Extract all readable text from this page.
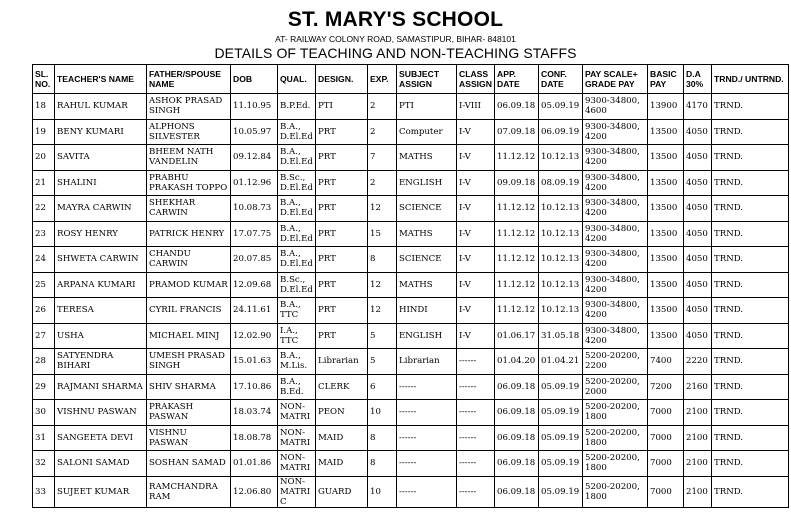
ST. MARY'S SCHOOL
AT- RAILWAY COLONY ROAD, SAMASTIPUR, BIHAR- 848101
DETAILS OF TEACHING AND NON-TEACHING STAFFS
SL. NO.	TEACHER'S NAME	FATHER/SPOUSE NAME	DOB	QUAL.	DESIGN.	EXP.	SUBJECT ASSIGN	CLASS ASSIGN	APP. DATE	CONF. DATE	PAY SCALE+ GRADE PAY	BASIC PAY	D.A 30%	TRND./ UNTRND.
18	RAHUL KUMAR	ASHOK PRASAD SINGH	11.10.95	B.P.Ed.	PTI	2	PTI	I-VIII	06.09.18	05.09.19	9300-34800, 4600	13900	4170	TRND.
19	BENY KUMARI	ALPHONS SILVESTER	10.05.97	B.A., D.El.Ed	PRT	2	Computer	I-V	07.09.18	06.09.19	9300-34800, 4200	13500	4050	TRND.
20	SAVITA	BHEEM NATH VANDELIN	09.12.84	B.A., D.El.Ed	PRT	7	MATHS	I-V	11.12.12	10.12.13	9300-34800, 4200	13500	4050	TRND.
21	SHALINI	PRABHU PRAKASH TOPPO	01.12.96	B.Sc., D.El.Ed	PRT	2	ENGLISH	I-V	09.09.18	08.09.19	9300-34800, 4200	13500	4050	TRND.
22	MAYRA CARWIN	SHEKHAR CARWIN	10.08.73	B.A., D.El.Ed	PRT	12	SCIENCE	I-V	11.12.12	10.12.13	9300-34800, 4200	13500	4050	TRND.
23	ROSY HENRY	PATRICK HENRY	17.07.75	B.A., D.El.Ed	PRT	15	MATHS	I-V	11.12.12	10.12.13	9300-34800, 4200	13500	4050	TRND.
24	SHWETA CARWIN	CHANDU CARWIN	20.07.85	B.A., D.El.Ed	PRT	8	SCIENCE	I-V	11.12.12	10.12.13	9300-34800, 4200	13500	4050	TRND.
25	ARPANA KUMARI	PRAMOD KUMAR	12.09.68	B.Sc., D.El.Ed	PRT	12	MATHS	I-V	11.12.12	10.12.13	9300-34800, 4200	13500	4050	TRND.
26	TERESA	CYRIL FRANCIS	24.11.61	B.A., TTC	PRT	12	HINDI	I-V	11.12.12	10.12.13	9300-34800, 4200	13500	4050	TRND.
27	USHA	MICHAEL MINJ	12.02.90	I.A., TTC	PRT	5	ENGLISH	I-V	01.06.17	31.05.18	9300-34800, 4200	13500	4050	TRND.
28	SATYENDRA BIHARI	UMESH PRASAD SINGH	15.01.63	B.A., M.Lis.	Librarian	5	Librarian	------	01.04.20	01.04.21	5200-20200, 2200	7400	2220	TRND.
29	RAJMANI SHARMA	SHIV SHARMA	17.10.86	B.A., B.Ed.	CLERK	6	------	------	06.09.18	05.09.19	5200-20200, 2000	7200	2160	TRND.
30	VISHNU PASWAN	PRAKASH PASWAN	18.03.74	NON-MATRI	PEON	10	------	------	06.09.18	05.09.19	5200-20200, 1800	7000	2100	TRND.
31	SANGEETA DEVI	VISHNU PASWAN	18.08.78	NON-MATRI	MAID	8	------	------	06.09.18	05.09.19	5200-20200, 1800	7000	2100	TRND.
32	SALONI SAMAD	SOSHAN SAMAD	01.01.86	NON-MATRI	MAID	8	------	------	06.09.18	05.09.19	5200-20200, 1800	7000	2100	TRND.
33	SUJEET KUMAR	RAMCHANDRA RAM	12.06.80	NON-MATRI C	GUARD	10	------	------	06.09.18	05.09.19	5200-20200, 1800	7000	2100	TRND.
